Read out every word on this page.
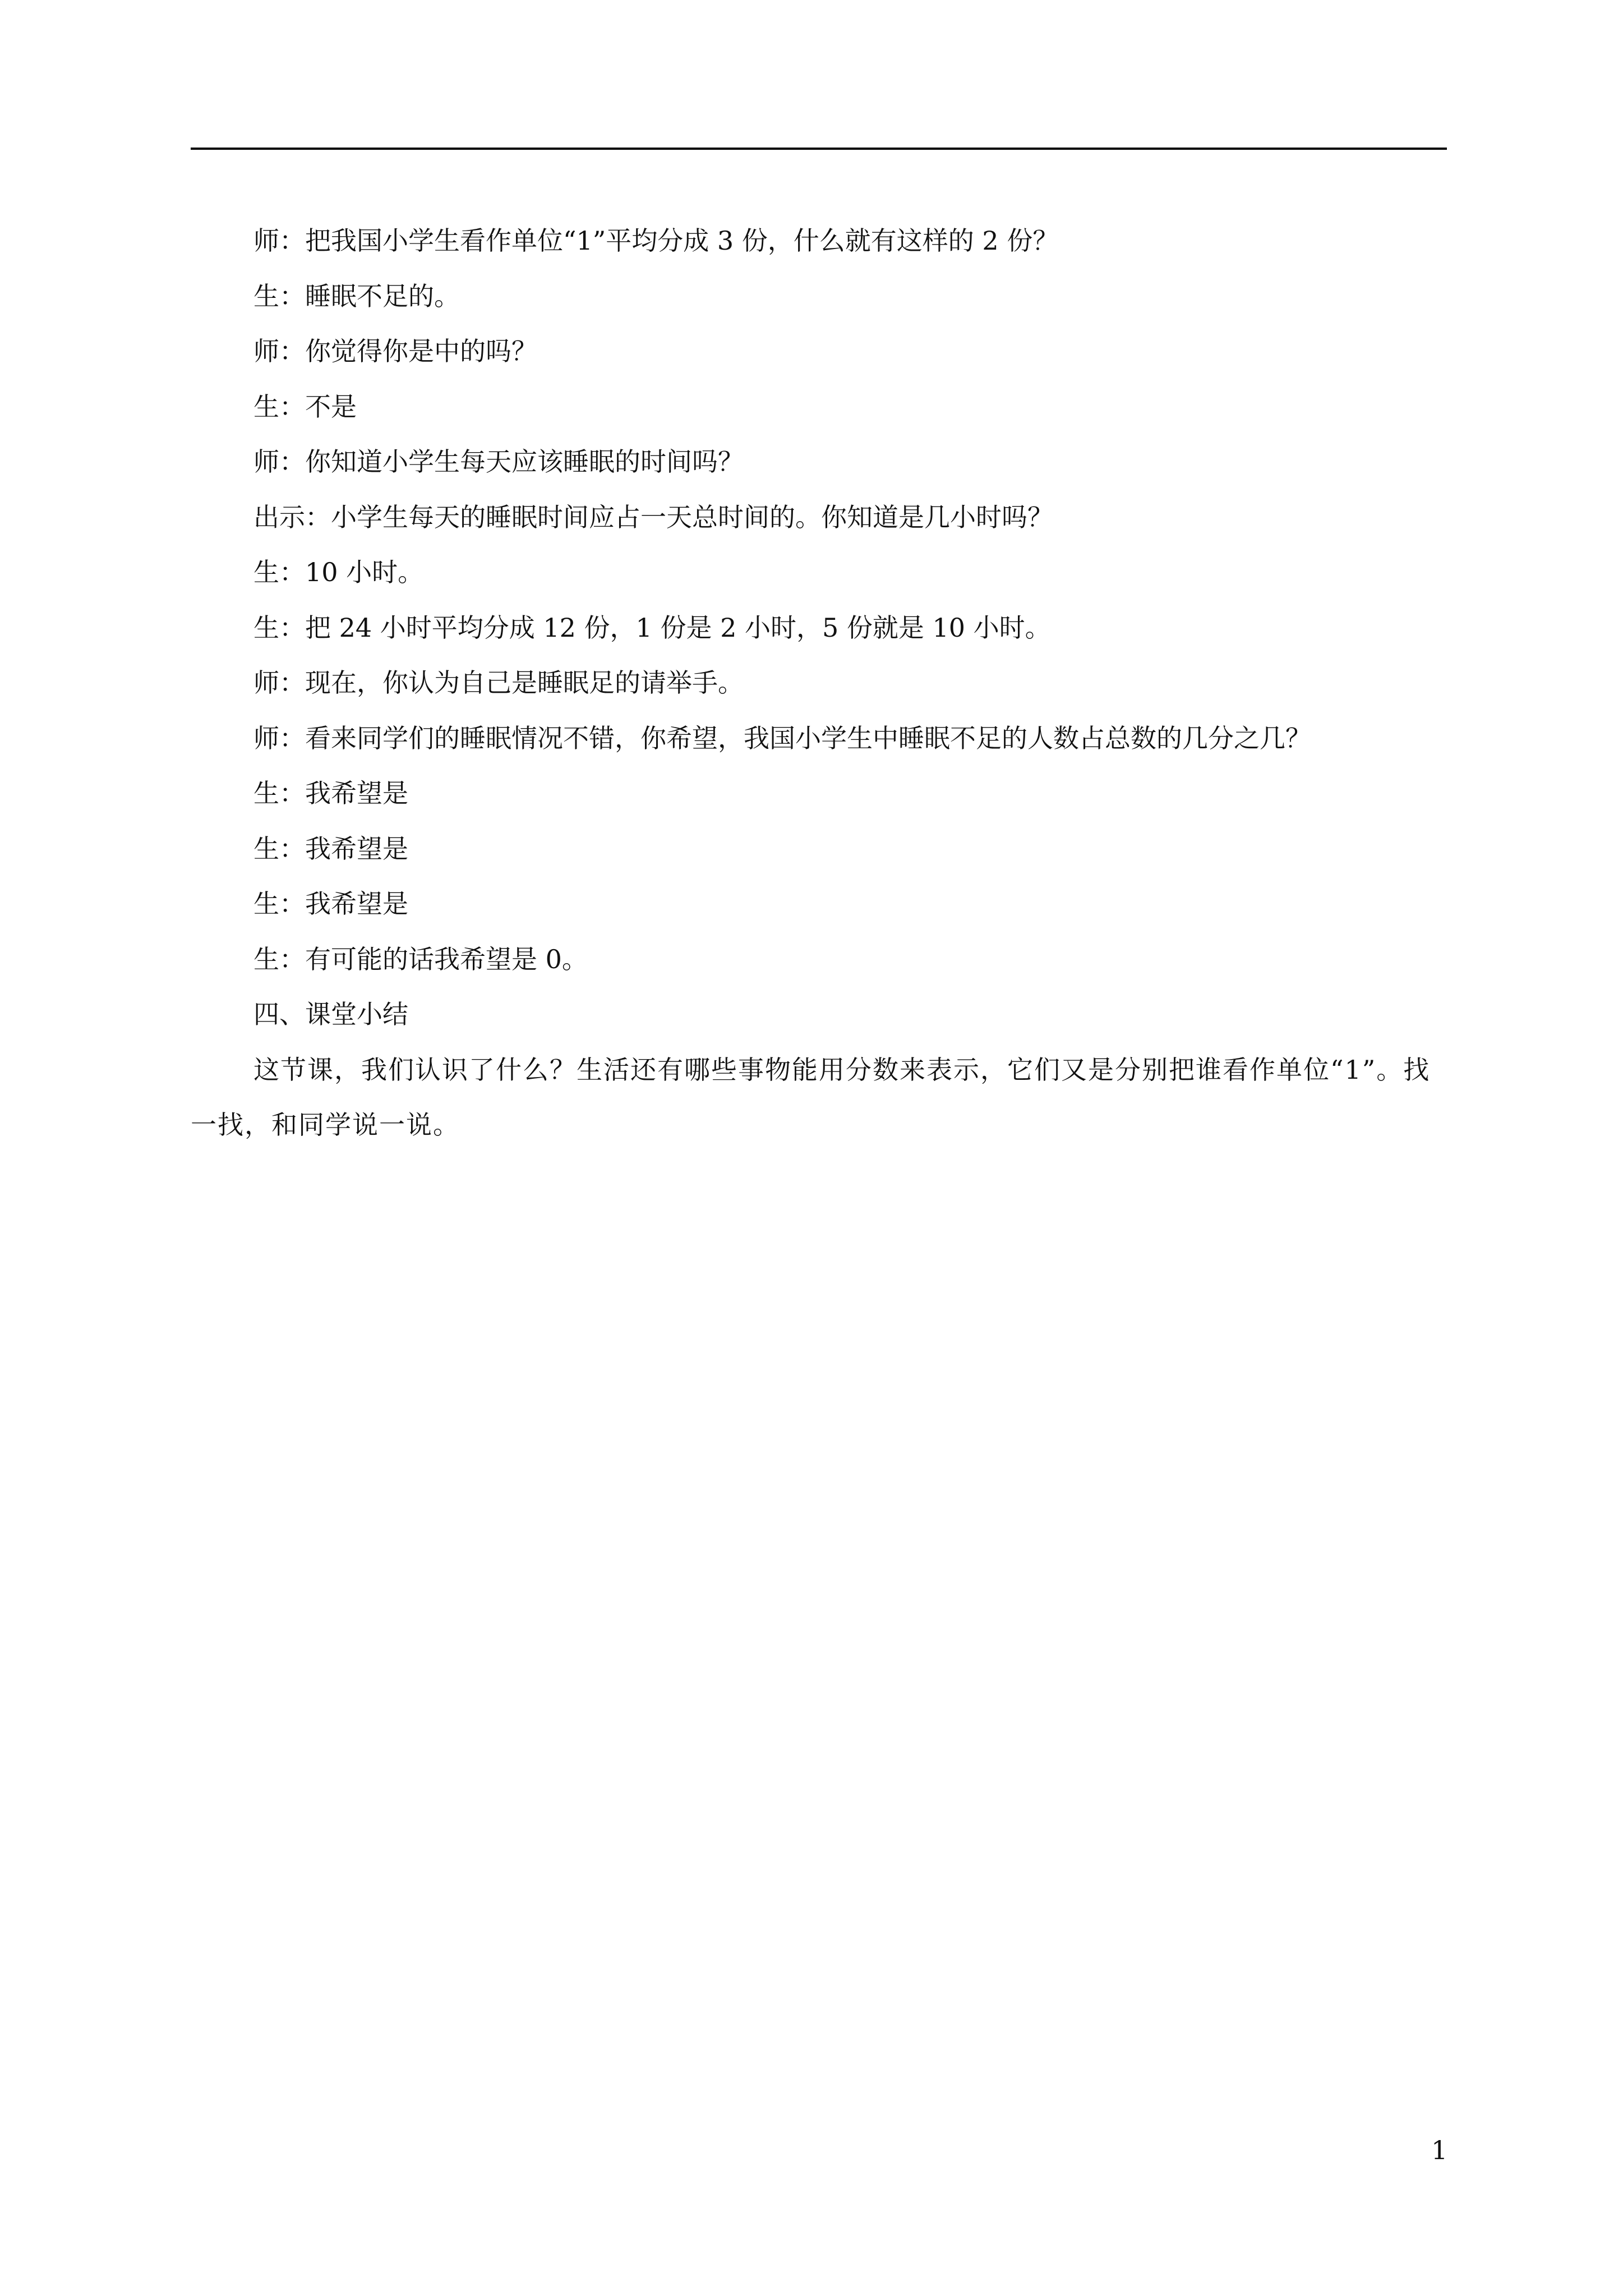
师：把我国小学生看作单位“1”平均分成 3 份，什么就有这样的 2 份？
生：睡眠不足的。
师：你觉得你是中的吗？
生：不是
师：你知道小学生每天应该睡眠的时间吗？
出示：小学生每天的睡眠时间应占一天总时间的。你知道是几小时吗？
生：10 小时。
生：把 24 小时平均分成 12 份，1 份是 2 小时，5 份就是 10 小时。
师：现在，你认为自己是睡眠足的请举手。
师：看来同学们的睡眠情况不错，你希望，我国小学生中睡眠不足的人数占总数的几分之几？
生：我希望是
生：我希望是
生：我希望是
生：有可能的话我希望是 0。
四、课堂小结
这节课，我们认识了什么？生活还有哪些事物能用分数来表示，它们又是分别把谁看作单位“1”。找一找，和同学说一说。
1
